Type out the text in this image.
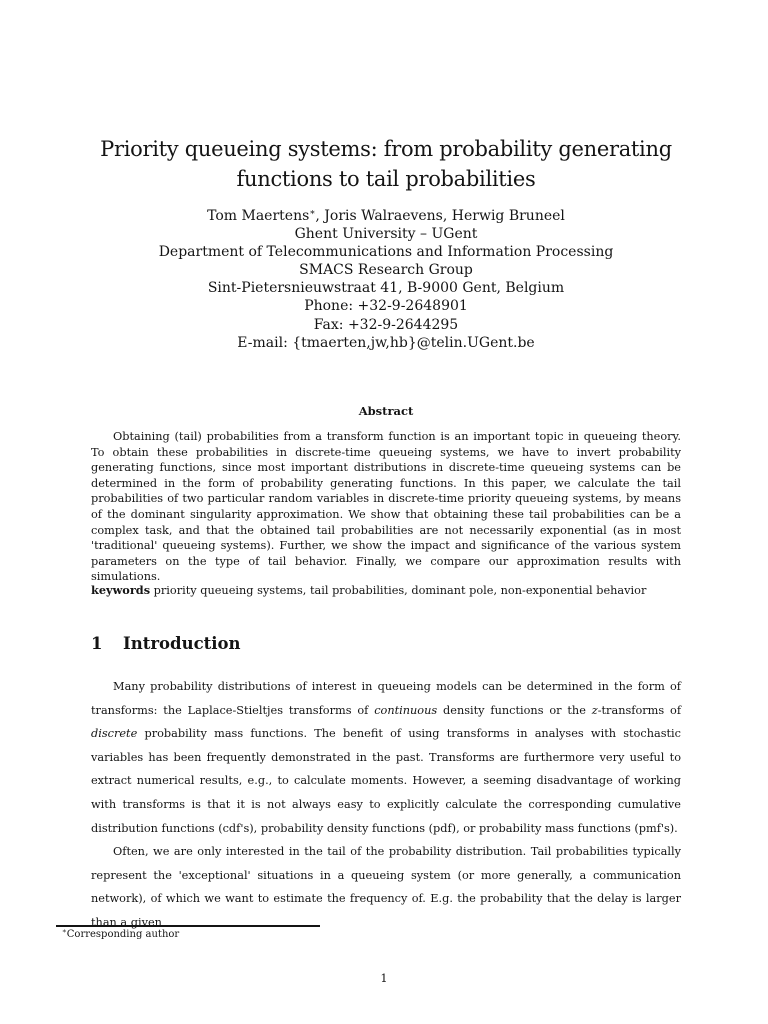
Priority queueing systems: from probability generating functions to tail probabilities
Tom Maertens∗, Joris Walraevens, Herwig Bruneel
Ghent University – UGent
Department of Telecommunications and Information Processing
SMACS Research Group
Sint-Pietersnieuwstraat 41, B-9000 Gent, Belgium
Phone: +32-9-2648901
Fax: +32-9-2644295
E-mail: {tmaerten,jw,hb}@telin.UGent.be
Abstract
Obtaining (tail) probabilities from a transform function is an important topic in queueing theory. To obtain these probabilities in discrete-time queueing systems, we have to invert probability generating functions, since most important distributions in discrete-time queueing systems can be determined in the form of probability generating functions. In this paper, we calculate the tail probabilities of two particular random variables in discrete-time priority queueing systems, by means of the dominant singularity approximation. We show that obtaining these tail probabilities can be a complex task, and that the obtained tail probabilities are not necessarily exponential (as in most 'traditional' queueing systems). Further, we show the impact and significance of the various system parameters on the type of tail behavior. Finally, we compare our approximation results with simulations.
keywords priority queueing systems, tail probabilities, dominant pole, non-exponential behavior
1 Introduction

Many probability distributions of interest in queueing models can be determined in the form of transforms: the Laplace-Stieltjes transforms of continuous density functions or the z-transforms of discrete probability mass functions. The benefit of using transforms in analyses with stochastic variables has been frequently demonstrated in the past. Transforms are furthermore very useful to extract numerical results, e.g., to calculate moments. However, a seeming disadvantage of working with transforms is that it is not always easy to explicitly calculate the corresponding cumulative distribution functions (cdf's), probability density functions (pdf), or probability mass functions (pmf's).

Often, we are only interested in the tail of the probability distribution. Tail probabilities typically represent the 'exceptional' situations in a queueing system (or more generally, a communication network), of which we want to estimate the frequency of. E.g. the probability that the delay is larger than a given

∗Corresponding author
1
